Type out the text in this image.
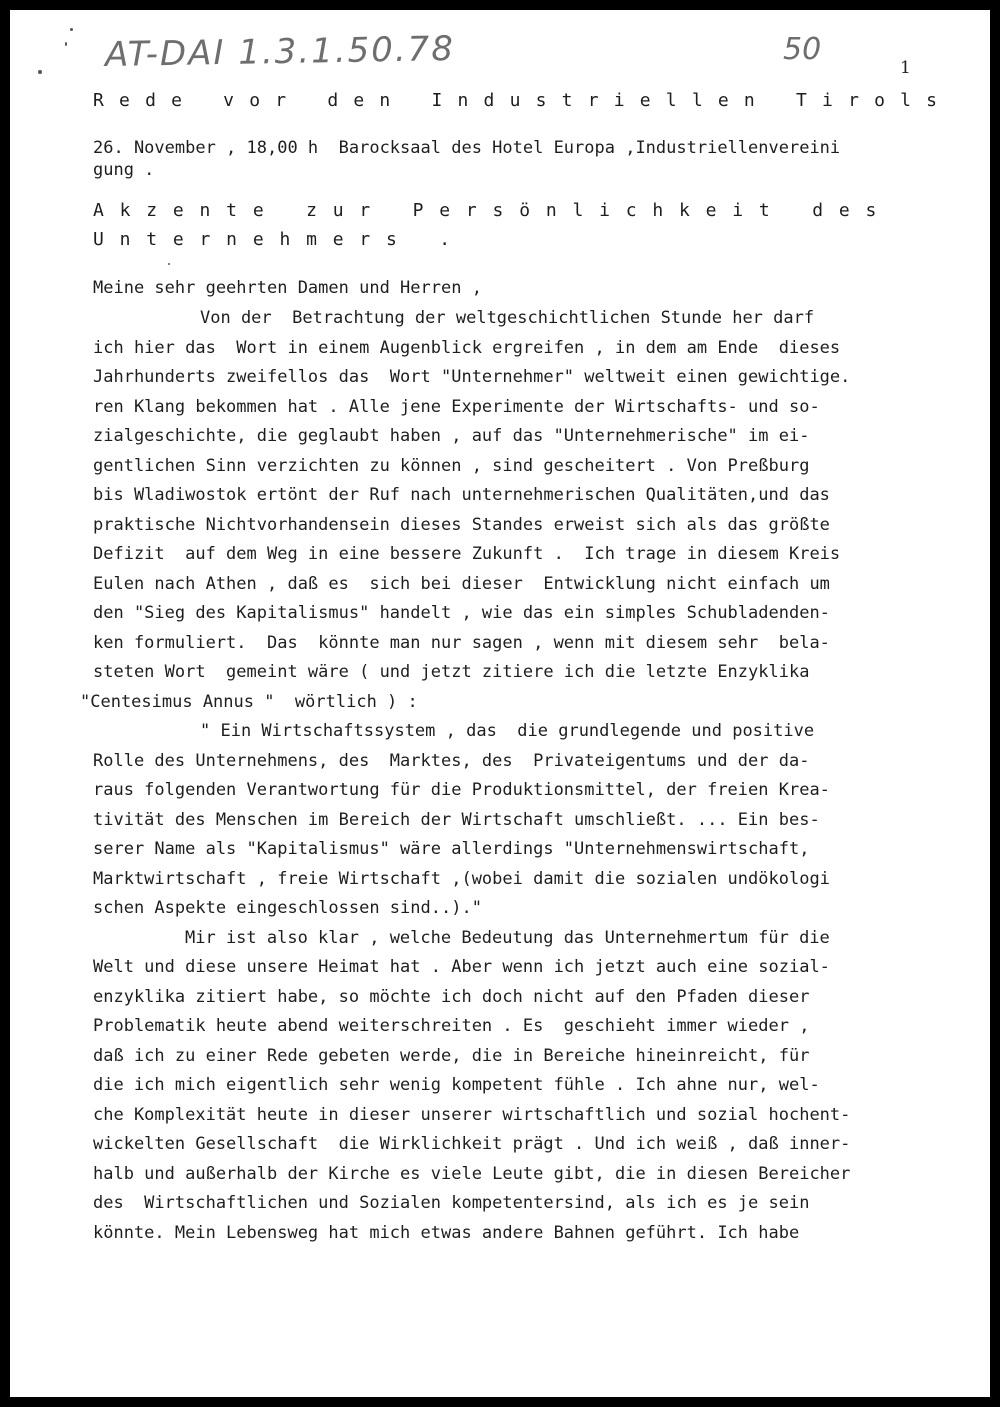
AT-DAI 1.3.1.50.78	50
1
Rede vor den Industriellen Tirols
26. November , 18,00 h  Barocksaal des Hotel Europa ,Industriellenvereini
gung .
Akzente zur Persönlichkeit des
Unternehmers .
Meine sehr geehrten Damen und Herren ,
Von der  Betrachtung der weltgeschichtlichen Stunde her darf
ich hier das  Wort in einem Augenblick ergreifen , in dem am Ende  dieses
Jahrhunderts zweifellos das  Wort "Unternehmer" weltweit einen gewichtige.
ren Klang bekommen hat . Alle jene Experimente der Wirtschafts- und so-
zialgeschichte, die geglaubt haben , auf das "Unternehmerische" im ei-
gentlichen Sinn verzichten zu können , sind gescheitert . Von Preßburg
bis Wladiwostok ertönt der Ruf nach unternehmerischen Qualitäten,und das
praktische Nichtvorhandensein dieses Standes erweist sich als das größte
Defizit  auf dem Weg in eine bessere Zukunft .  Ich trage in diesem Kreis
Eulen nach Athen , daß es  sich bei dieser  Entwicklung nicht einfach um
den "Sieg des Kapitalismus" handelt , wie das ein simples Schubladenden-
ken formuliert.  Das  könnte man nur sagen , wenn mit diesem sehr  bela-
steten Wort  gemeint wäre ( und jetzt zitiere ich die letzte Enzyklika
"Centesimus Annus "  wörtlich ) :
" Ein Wirtschaftssystem , das  die grundlegende und positive
Rolle des Unternehmens, des  Marktes, des  Privateigentums und der da-
raus folgenden Verantwortung für die Produktionsmittel, der freien Krea-
tivität des Menschen im Bereich der Wirtschaft umschließt. ... Ein bes-
serer Name als "Kapitalismus" wäre allerdings "Unternehmenswirtschaft,
Marktwirtschaft , freie Wirtschaft ,(wobei damit die sozialen undökologi
schen Aspekte eingeschlossen sind..)."
Mir ist also klar , welche Bedeutung das Unternehmertum für die
Welt und diese unsere Heimat hat . Aber wenn ich jetzt auch eine sozial-
enzyklika zitiert habe, so möchte ich doch nicht auf den Pfaden dieser
Problematik heute abend weiterschreiten . Es  geschieht immer wieder ,
daß ich zu einer Rede gebeten werde, die in Bereiche hineinreicht, für
die ich mich eigentlich sehr wenig kompetent fühle . Ich ahne nur, wel-
che Komplexität heute in dieser unserer wirtschaftlich und sozial hochent-
wickelten Gesellschaft  die Wirklichkeit prägt . Und ich weiß , daß inner-
halb und außerhalb der Kirche es viele Leute gibt, die in diesen Bereicher
des  Wirtschaftlichen und Sozialen kompetentersind, als ich es je sein
könnte. Mein Lebensweg hat mich etwas andere Bahnen geführt. Ich habe
